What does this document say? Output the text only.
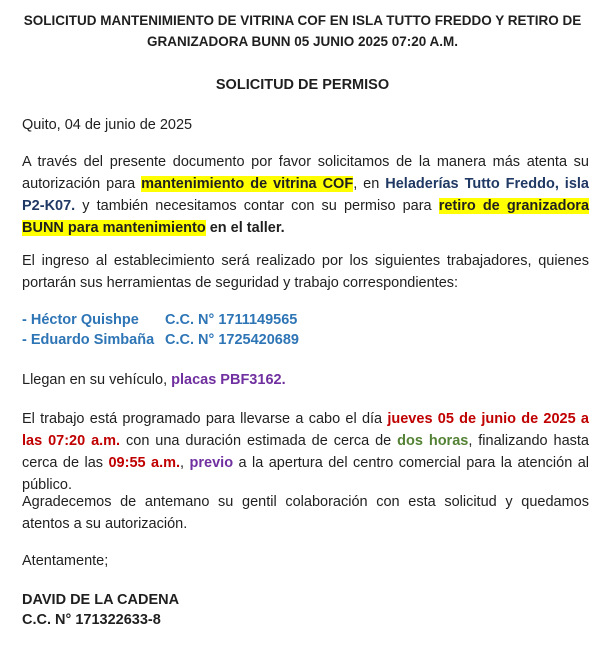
SOLICITUD MANTENIMIENTO DE VITRINA COF EN ISLA TUTTO FREDDO Y RETIRO DE
GRANIZADORA BUNN 05 JUNIO 2025 07:20 A.M.
SOLICITUD DE PERMISO

Quito, 04 de junio de 2025

A través del presente documento por favor solicitamos de la manera más atenta su autorización para mantenimiento de vitrina COF, en Heladerías Tutto Freddo, isla P2-K07. y también necesitamos contar con su permiso para retiro de granizadora BUNN para mantenimiento en el taller.

El ingreso al establecimiento será realizado por los siguientes trabajadores, quienes portarán sus herramientas de seguridad y trabajo correspondientes:

- Héctor Quishpe C.C. N° 1711149565
- Eduardo Simbaña C.C. N° 1725420689

Llegan en su vehículo, placas PBF3162.

El trabajo está programado para llevarse a cabo el día jueves 05 de junio de 2025 a las 07:20 a.m. con una duración estimada de cerca de dos horas, finalizando hasta cerca de las 09:55 a.m., previo a la apertura del centro comercial para la atención al público.

Agradecemos de antemano su gentil colaboración con esta solicitud y quedamos atentos a su autorización.

Atentamente;

DAVID DE LA CADENA

C.C. N° 171322633-8
